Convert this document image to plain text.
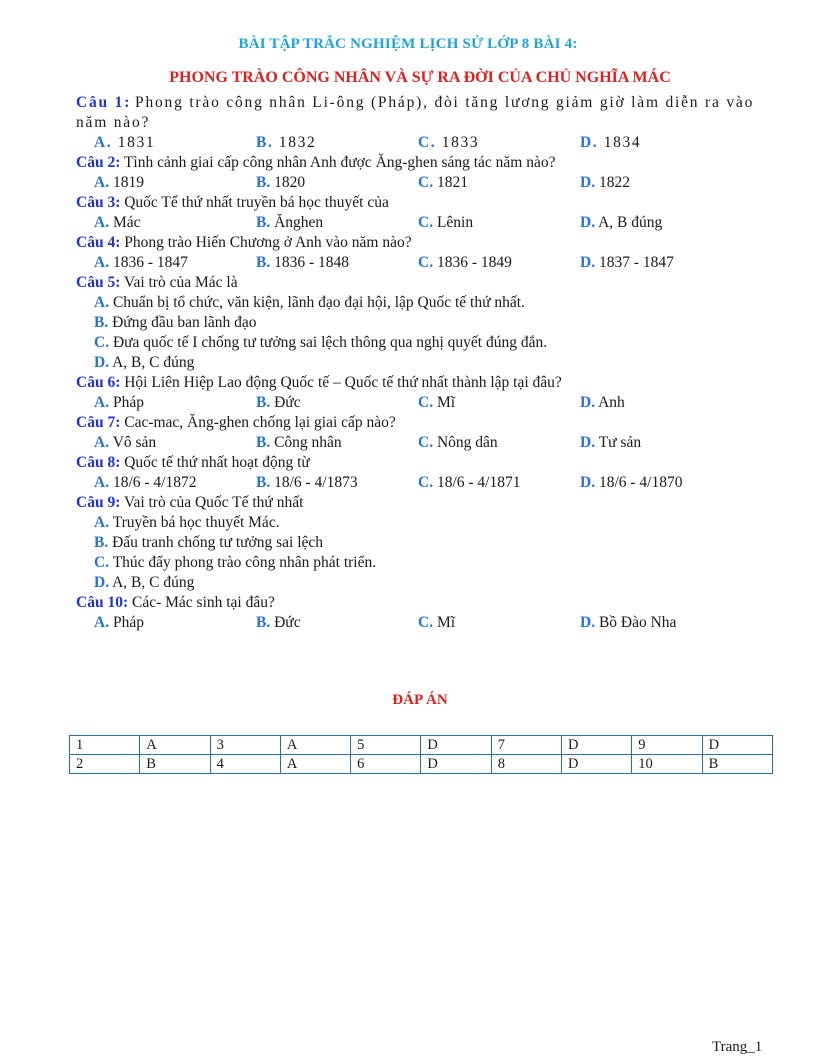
BÀI TẬP TRẮC NGHIỆM LỊCH SỬ LỚP 8 BÀI 4:
PHONG TRÀO CÔNG NHÂN VÀ SỰ RA ĐỜI CỦA CHỦ NGHĨA MÁC
Câu 1: Phong trào công nhân Li-ông (Pháp), đòi tăng lương giảm giờ làm diễn ra vào năm nào?
A. 1831	B. 1832	C. 1833	D. 1834
Câu 2: Tình cảnh giai cấp công nhân Anh được Ăng-ghen sáng tác năm nào?
A. 1819	B. 1820	C. 1821	D. 1822
Câu 3: Quốc Tế thứ nhất truyền bá học thuyết của
A. Mác	B. Ănghen	C. Lênin	D. A, B đúng
Câu 4: Phong trào Hiến Chương ở Anh vào năm nào?
A. 1836 - 1847	B. 1836 - 1848	C. 1836 - 1849	D. 1837 - 1847
Câu 5: Vai trò của Mác là
A. Chuẩn bị tổ chức, văn kiện, lãnh đạo đại hội, lập Quốc tế thứ nhất.
B. Đứng đầu ban lãnh đạo
C. Đưa quốc tế I chống tư tưởng sai lệch thông qua nghị quyết đúng đắn.
D. A, B, C đúng
Câu 6: Hội Liên Hiệp Lao động Quốc tế – Quốc tế thứ nhất thành lập tại đâu?
A. Pháp	B. Đức	C. Mĩ	D. Anh
Câu 7: Cac-mac, Ăng-ghen chống lại giai cấp nào?
A. Vô sản	B. Công nhân	C. Nông dân	D. Tư sản
Câu 8: Quốc tế thứ nhất hoạt động từ
A. 18/6 - 4/1872	B. 18/6 - 4/1873	C. 18/6 - 4/1871	D. 18/6 - 4/1870
Câu 9: Vai trò của Quốc Tế thứ nhất
A. Truyền bá học thuyết Mác.
B. Đấu tranh chống tư tưởng sai lệch
C. Thúc đẩy phong trào công nhân phát triển.
D. A, B, C đúng
Câu 10: Các- Mác sinh tại đâu?
A. Pháp	B. Đức	C. Mĩ	D. Bồ Đào Nha
ĐÁP ÁN
1	A	3	A	5	D	7	D	9	D
2	B	4	A	6	D	8	D	10	B
Trang_1
